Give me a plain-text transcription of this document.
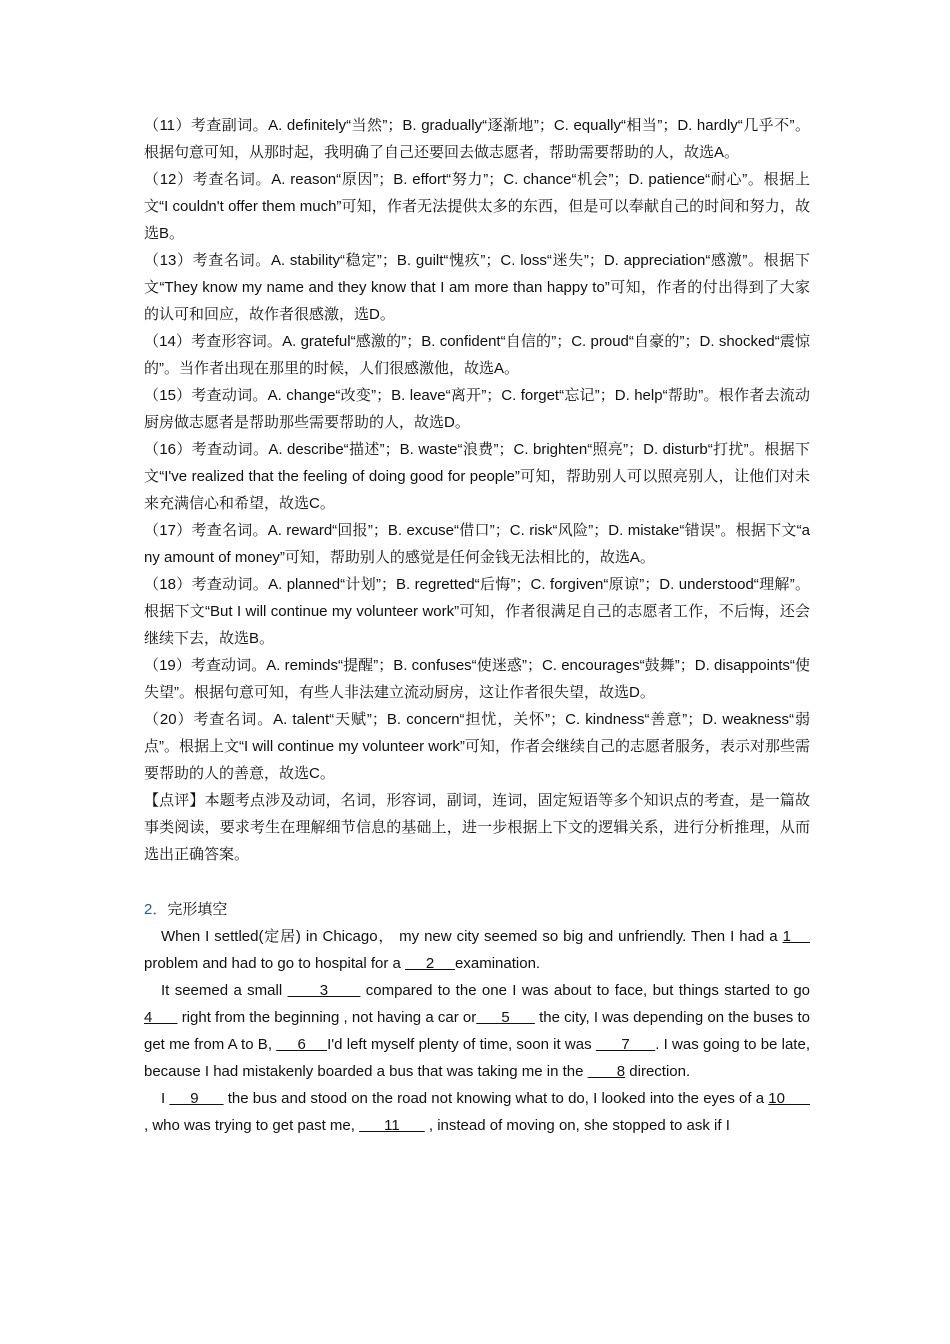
（11）考查副词。A. definitely“当然”；B. gradually“逐渐地”；C. equally“相当”；D. hardly“几乎不”。根据句意可知，从那时起，我明确了自己还要回去做志愿者，帮助需要帮助的人，故选A。

（12）考查名词。A. reason“原因”；B. effort“努力”；C. chance“机会”；D. patience“耐心”。根据上文“I couldn't offer them much”可知，作者无法提供太多的东西，但是可以奉献自己的时间和努力，故选B。

（13）考查名词。A. stability“稳定”；B. guilt“愧疚”；C. loss“迷失”；D. appreciation“感激”。根据下文“They know my name and they know that I am more than happy to”可知，作者的付出得到了大家的认可和回应，故作者很感激，选D。

（14）考查形容词。A. grateful“感激的”；B. confident“自信的”；C. proud“自豪的”；D. shocked“震惊的”。当作者出现在那里的时候，人们很感激他，故选A。

（15）考查动词。A. change“改变”；B. leave“离开”；C. forget“忘记”；D. help“帮助”。根作者去流动厨房做志愿者是帮助那些需要帮助的人，故选D。

（16）考查动词。A. describe“描述”；B. waste“浪费”；C. brighten“照亮”；D. disturb“打扰”。根据下文“I've realized that the feeling of doing good for people”可知，帮助别人可以照亮别人，让他们对未来充满信心和希望，故选C。

（17）考查名词。A. reward“回报”；B. excuse“借口”；C. risk“风险”；D. mistake“错误”。根据下文“any amount of money”可知，帮助别人的感觉是任何金钱无法相比的，故选A。

（18）考查动词。A. planned“计划”；B. regretted“后悔”；C. forgiven“原谅”；D. understood“理解”。根据下文“But I will continue my volunteer work”可知，作者很满足自己的志愿者工作，不后悔，还会继续下去，故选B。

（19）考查动词。A. reminds“提醒”；B. confuses“使迷惑”；C. encourages“鼓舞”；D. disappoints“使失望”。根据句意可知，有些人非法建立流动厨房，这让作者很失望，故选D。

（20）考查名词。A. talent“天赋”；B. concern“担忧，关怀”；C. kindness“善意”；D. weakness“弱点”。根据上文“I will continue my volunteer work”可知，作者会继续自己的志愿者服务，表示对那些需要帮助的人的善意，故选C。

【点评】本题考点涉及动词，名词，形容词，副词，连词，固定短语等多个知识点的考查，是一篇故事类阅读，要求考生在理解细节信息的基础上，进一步根据上下文的逻辑关系，进行分析推理，从而选出正确答案。

2．完形填空

When I settled(定居) in Chicago， my new city seemed so big and unfriendly. Then I had a 1     problem and had to go to hospital for a      2     examination.

It seemed a small       3       compared to the one I was about to face, but things started to go 4       right from the beginning , not having a car or      5       the city, I was depending on the buses to get me from A to B,      6     I'd left myself plenty of time, soon it was       7      . I was going to be late, because I had mistakenly boarded a bus that was taking me in the        8 direction.

I      9       the bus and stood on the road not knowing what to do, I looked into the eyes of a 10       , who was trying to get past me,       11       , instead of moving on, she stopped to ask if I
